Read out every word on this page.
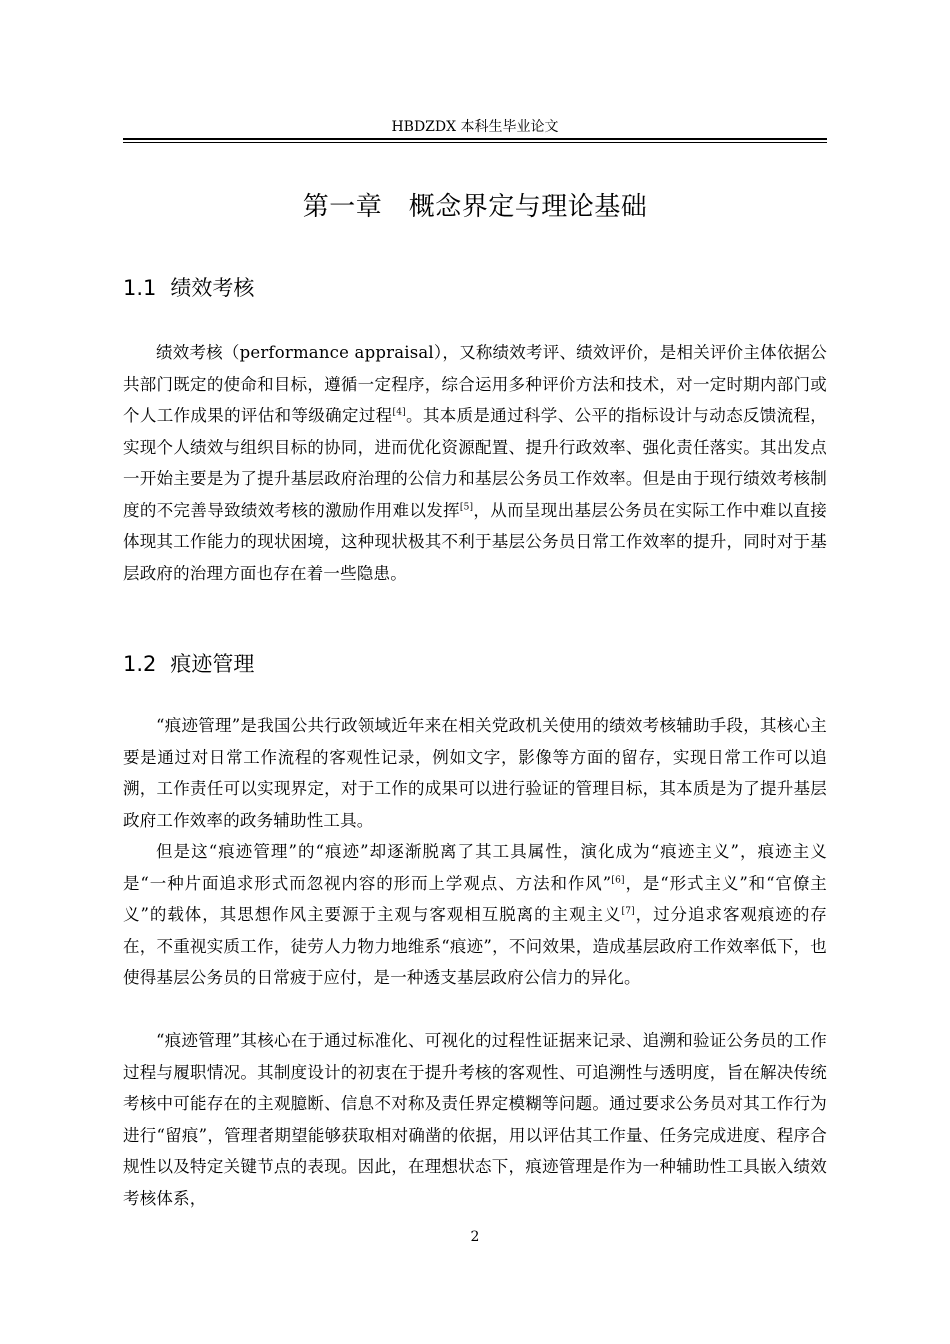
HBDZDX 本科生毕业论文
第一章　概念界定与理论基础
1.1 绩效考核

绩效考核（performance appraisal），又称绩效考评、绩效评价，是相关评价主体依据公共部门既定的使命和目标，遵循一定程序，综合运用多种评价方法和技术，对一定时期内部门或个人工作成果的评估和等级确定过程[4]。其本质是通过科学、公平的指标设计与动态反馈流程，实现个人绩效与组织目标的协同，进而优化资源配置、提升行政效率、强化责任落实。其出发点一开始主要是为了提升基层政府治理的公信力和基层公务员工作效率。但是由于现行绩效考核制度的不完善导致绩效考核的激励作用难以发挥[5]，从而呈现出基层公务员在实际工作中难以直接体现其工作能力的现状困境，这种现状极其不利于基层公务员日常工作效率的提升，同时对于基层政府的治理方面也存在着一些隐患。

1.2 痕迹管理

“痕迹管理”是我国公共行政领域近年来在相关党政机关使用的绩效考核辅助手段，其核心主要是通过对日常工作流程的客观性记录，例如文字，影像等方面的留存，实现日常工作可以追溯，工作责任可以实现界定，对于工作的成果可以进行验证的管理目标，其本质是为了提升基层政府工作效率的政务辅助性工具。

但是这“痕迹管理”的“痕迹”却逐渐脱离了其工具属性，演化成为“痕迹主义”，痕迹主义是“一种片面追求形式而忽视内容的形而上学观点、方法和作风”[6]，是“形式主义”和“官僚主义”的载体，其思想作风主要源于主观与客观相互脱离的主观主义[7]，过分追求客观痕迹的存在，不重视实质工作，徒劳人力物力地维系“痕迹”，不问效果，造成基层政府工作效率低下，也使得基层公务员的日常疲于应付，是一种透支基层政府公信力的异化。

“痕迹管理”其核心在于通过标准化、可视化的过程性证据来记录、追溯和验证公务员的工作过程与履职情况。其制度设计的初衷在于提升考核的客观性、可追溯性与透明度，旨在解决传统考核中可能存在的主观臆断、信息不对称及责任界定模糊等问题。通过要求公务员对其工作行为进行“留痕”，管理者期望能够获取相对确凿的依据，用以评估其工作量、任务完成进度、程序合规性以及特定关键节点的表现。因此，在理想状态下，痕迹管理是作为一种辅助性工具嵌入绩效考核体系，

2
